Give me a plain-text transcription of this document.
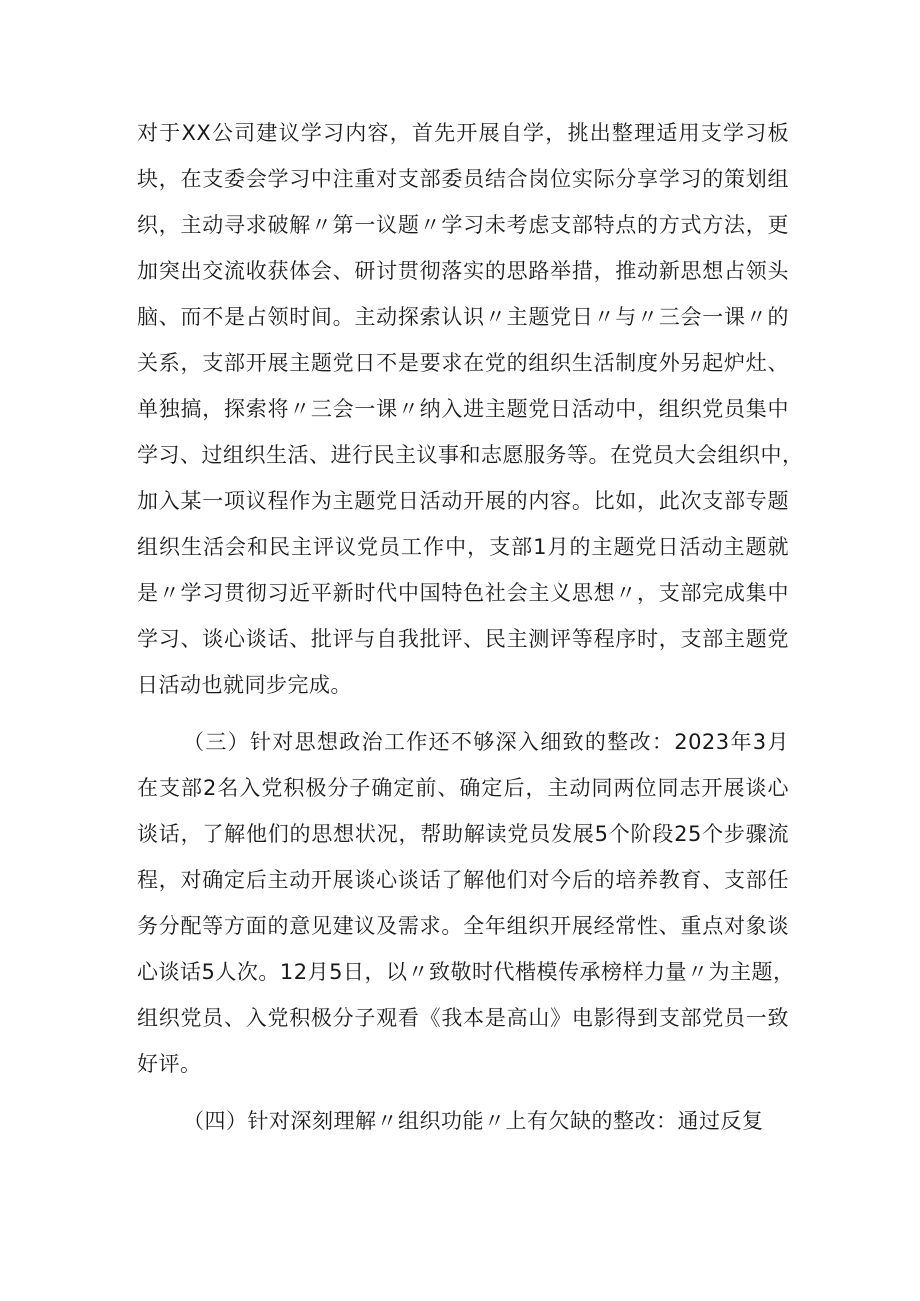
对于XX公司建议学习内容，首先开展自学，挑出整理适用支学习板
块，在支委会学习中注重对支部委员结合岗位实际分享学习的策划组
织，主动寻求破解〃第一议题〃学习未考虑支部特点的方式方法，更
加突出交流收获体会、研讨贯彻落实的思路举措，推动新思想占领头
脑、而不是占领时间。主动探索认识〃主题党日〃与〃三会一课〃的
关系，支部开展主题党日不是要求在党的组织生活制度外另起炉灶、
单独搞，探索将〃三会一课〃纳入进主题党日活动中，组织党员集中
学习、过组织生活、进行民主议事和志愿服务等。在党员大会组织中，
加入某一项议程作为主题党日活动开展的内容。比如，此次支部专题
组织生活会和民主评议党员工作中，支部1月的主题党日活动主题就
是〃学习贯彻习近平新时代中国特色社会主义思想〃，支部完成集中
学习、谈心谈话、批评与自我批评、民主测评等程序时，支部主题党
日活动也就同步完成。
（三）针对思想政治工作还不够深入细致的整改：2023年3月
在支部2名入党积极分子确定前、确定后，主动同两位同志开展谈心
谈话，了解他们的思想状况，帮助解读党员发展5个阶段25个步骤流
程，对确定后主动开展谈心谈话了解他们对今后的培养教育、支部任
务分配等方面的意见建议及需求。全年组织开展经常性、重点对象谈
心谈话5人次。12月5日，以〃致敬时代楷模传承榜样力量〃为主题，
组织党员、入党积极分子观看《我本是高山》电影得到支部党员一致
好评。
（四）针对深刻理解〃组织功能〃上有欠缺的整改：通过反复
